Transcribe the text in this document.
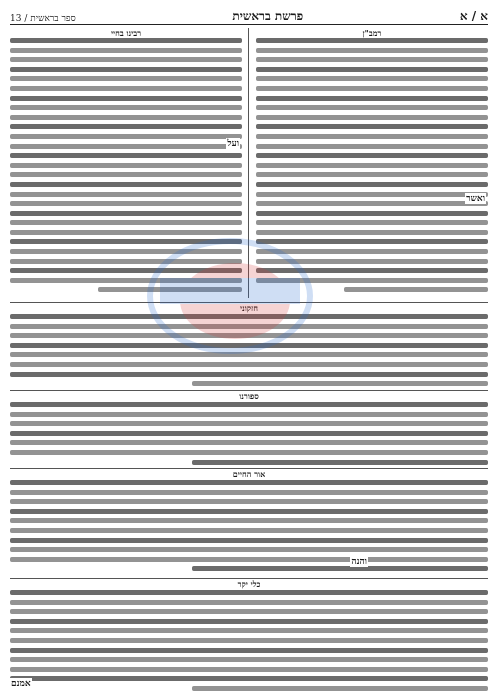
13 / ספר בראשית	פרשת בראשית	א / א
רמב"ן
ואשר
רבינו בחיי
ועל
חזקוני
ספורנו
אור החיים
והנה
כלי יקר
אמנם
